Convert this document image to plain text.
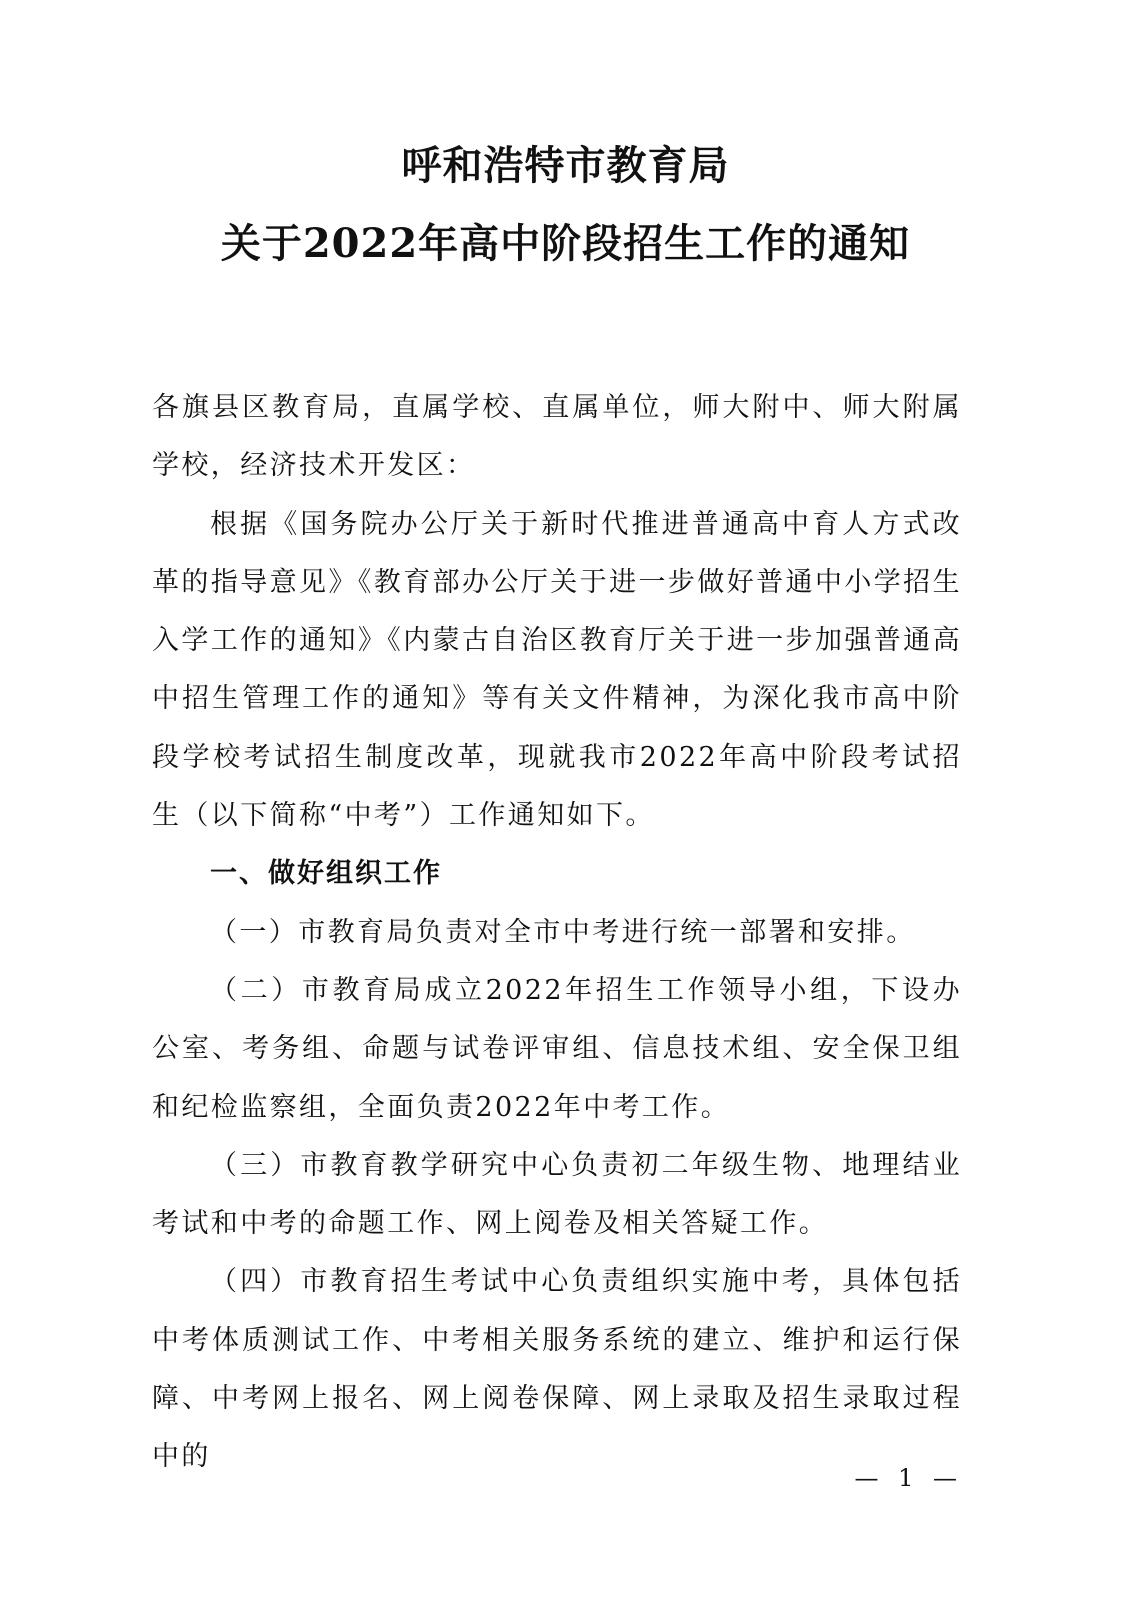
呼和浩特市教育局
关于2022年高中阶段招生工作的通知

各旗县区教育局，直属学校、直属单位，师大附中、师大附属学校，经济技术开发区：

根据《国务院办公厅关于新时代推进普通高中育人方式改革的指导意见》《教育部办公厅关于进一步做好普通中小学招生入学工作的通知》《内蒙古自治区教育厅关于进一步加强普通高中招生管理工作的通知》等有关文件精神，为深化我市高中阶段学校考试招生制度改革，现就我市2022年高中阶段考试招生（以下简称“中考”）工作通知如下。

一、做好组织工作

（一）市教育局负责对全市中考进行统一部署和安排。

（二）市教育局成立2022年招生工作领导小组，下设办公室、考务组、命题与试卷评审组、信息技术组、安全保卫组和纪检监察组，全面负责2022年中考工作。

（三）市教育教学研究中心负责初二年级生物、地理结业考试和中考的命题工作、网上阅卷及相关答疑工作。

（四）市教育招生考试中心负责组织实施中考，具体包括中考体质测试工作、中考相关服务系统的建立、维护和运行保障、中考网上报名、网上阅卷保障、网上录取及招生录取过程中的

— 1 —
